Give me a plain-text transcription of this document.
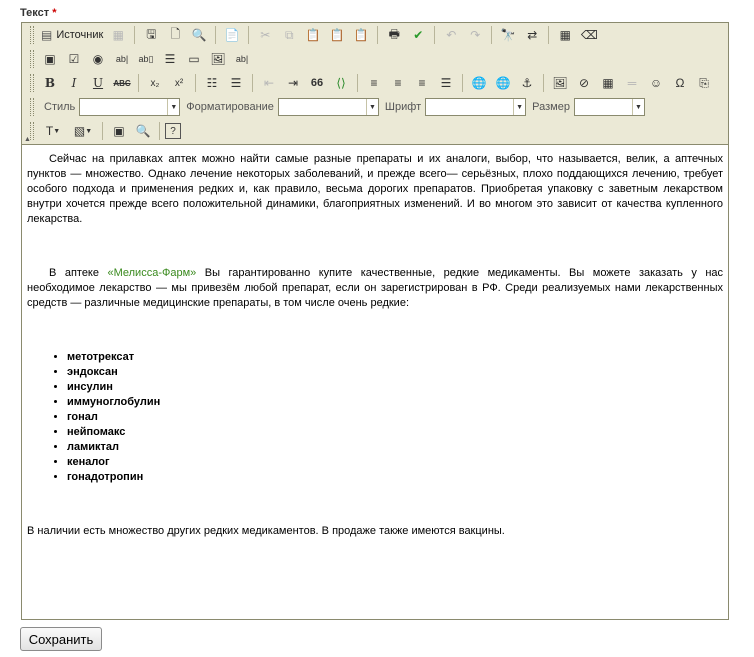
Текст *
▤ Источник ▦	🖫	🗋 🔍 📄	✂	⧉	📋 📋 📋	🖶	✔	↶	↷	🔭 ⇄	▦ ⌫
▣	☑	◉	ab|	ab▯ ☰	▭ 🖼	ab|
B	I	U	ABC	x₂	x²	☷	☰	⇤	⇥	66	⟨⟩	≡	≡	≡	☰	🌐 🌐 ⚓	🖼 ⊘	▦	═	☺	Ω	⎘
Стиль	▼ Форматирование	▼ Шрифт	▼ Размер	▼
T ▼	▧ ▼	▣ 🔍	?
▲

Сейчас на прилавках аптек можно найти самые разные препараты и их аналоги, выбор, что называется, велик, а аптечных пунктов — множество. Однако лечение некоторых заболеваний, и прежде всего— серьёзных, плохо поддающихся лечению, требует особого подхода и применения редких и, как правило, весьма дорогих препаратов. Приобретая упаковку с заветным лекарством внутри хочется прежде всего положительной динамики, благоприятных изменений. И во многом это зависит от качества купленного лекарства.

В аптеке «Мелисса-Фарм» Вы гарантированно купите качественные, редкие медикаменты. Вы можете заказать у нас необходимое лекарство — мы привезём любой препарат, если он зарегистрирован в РФ. Среди реализуемых нами лекарственных средств — различные медицинские препараты, в том числе очень редкие:

• метотрексат
• эндоксан
• инсулин
• иммуноглобулин
• гонал
• нейпомакс
• ламиктал
• кеналог
• гонадотропин

В наличии есть множество других редких медикаментов. В продаже также имеются вакцины.

Сохранить
